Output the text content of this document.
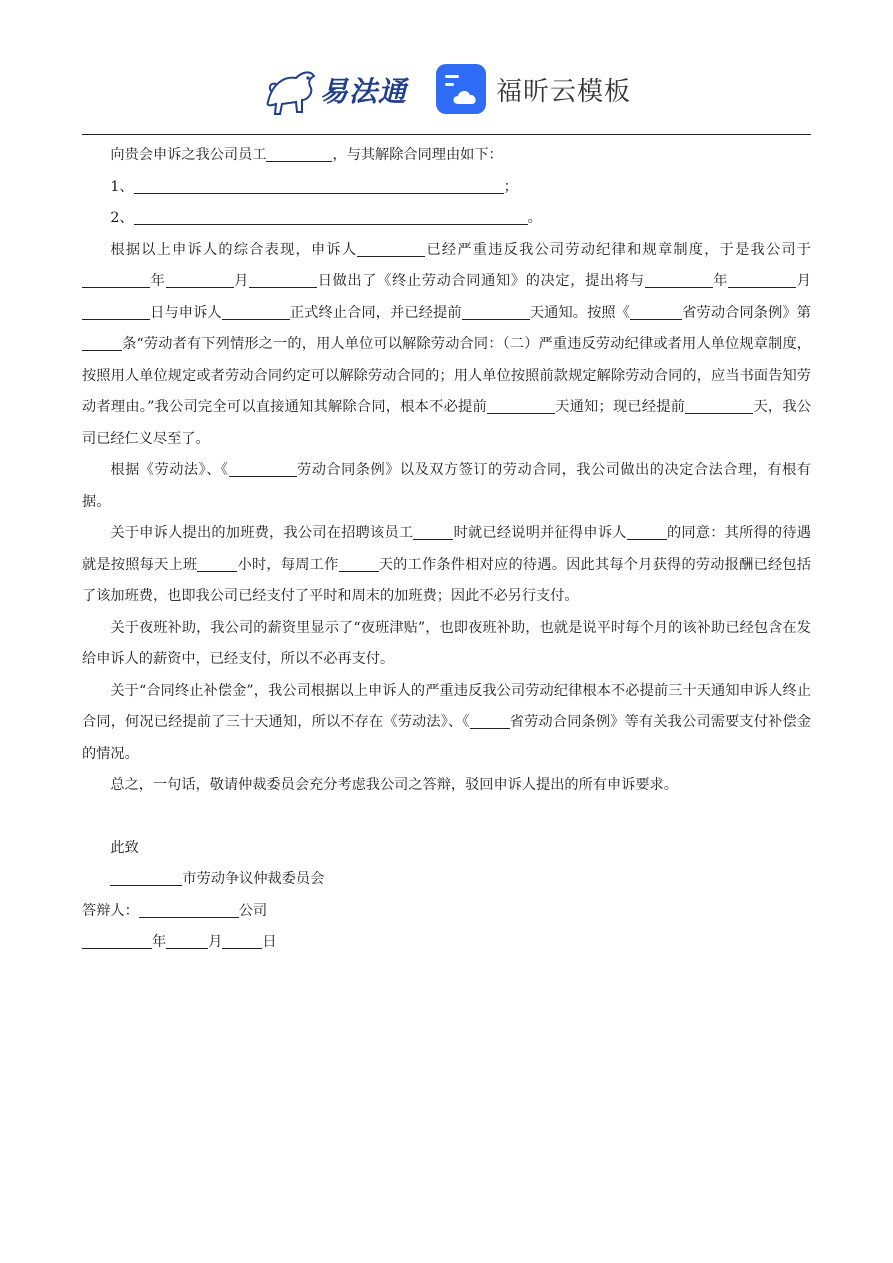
易法通	福昕云模板

向贵会申诉之我公司员工	，与其解除合同理由如下：

1、	；

2、	。

根据以上申诉人的综合表现，申诉人	已经严重违反我公司劳动纪律和规章制度，于是我公司于年	月	日做出了《终止劳动合同通知》的决定，提出将与	年	月日与申诉人	正式终止合同，并已经提前	天通知。按照《	省劳动合同条例》第条“劳动者有下列情形之一的，用人单位可以解除劳动合同：（二）严重违反劳动纪律或者用人单位规章制度，按照用人单位规定或者劳动合同约定可以解除劳动合同的；用人单位按照前款规定解除劳动合同的，应当书面告知劳动者理由。”我公司完全可以直接通知其解除合同，根本不必提前	天通知；现已经提前	天，我公司已经仁义尽至了。

根据《劳动法》、《	劳动合同条例》以及双方签订的劳动合同，我公司做出的决定合法合理，有根有据。

关于申诉人提出的加班费，我公司在招聘该员工	时就已经说明并征得申诉人	的同意：其所得的待遇就是按照每天上班	小时，每周工作	天的工作条件相对应的待遇。因此其每个月获得的劳动报酬已经包括了该加班费，也即我公司已经支付了平时和周末的加班费；因此不必另行支付。

关于夜班补助，我公司的薪资里显示了“夜班津贴”，也即夜班补助，也就是说平时每个月的该补助已经包含在发给申诉人的薪资中，已经支付，所以不必再支付。

关于“合同终止补偿金”，我公司根据以上申诉人的严重违反我公司劳动纪律根本不必提前三十天通知申诉人终止合同，何况已经提前了三十天通知，所以不存在《劳动法》、《	省劳动合同条例》等有关我公司需要支付补偿金的情况。

总之，一句话，敬请仲裁委员会充分考虑我公司之答辩，驳回申诉人提出的所有申诉要求。

此致

市劳动争议仲裁委员会

答辩人：	公司

年	月	日
